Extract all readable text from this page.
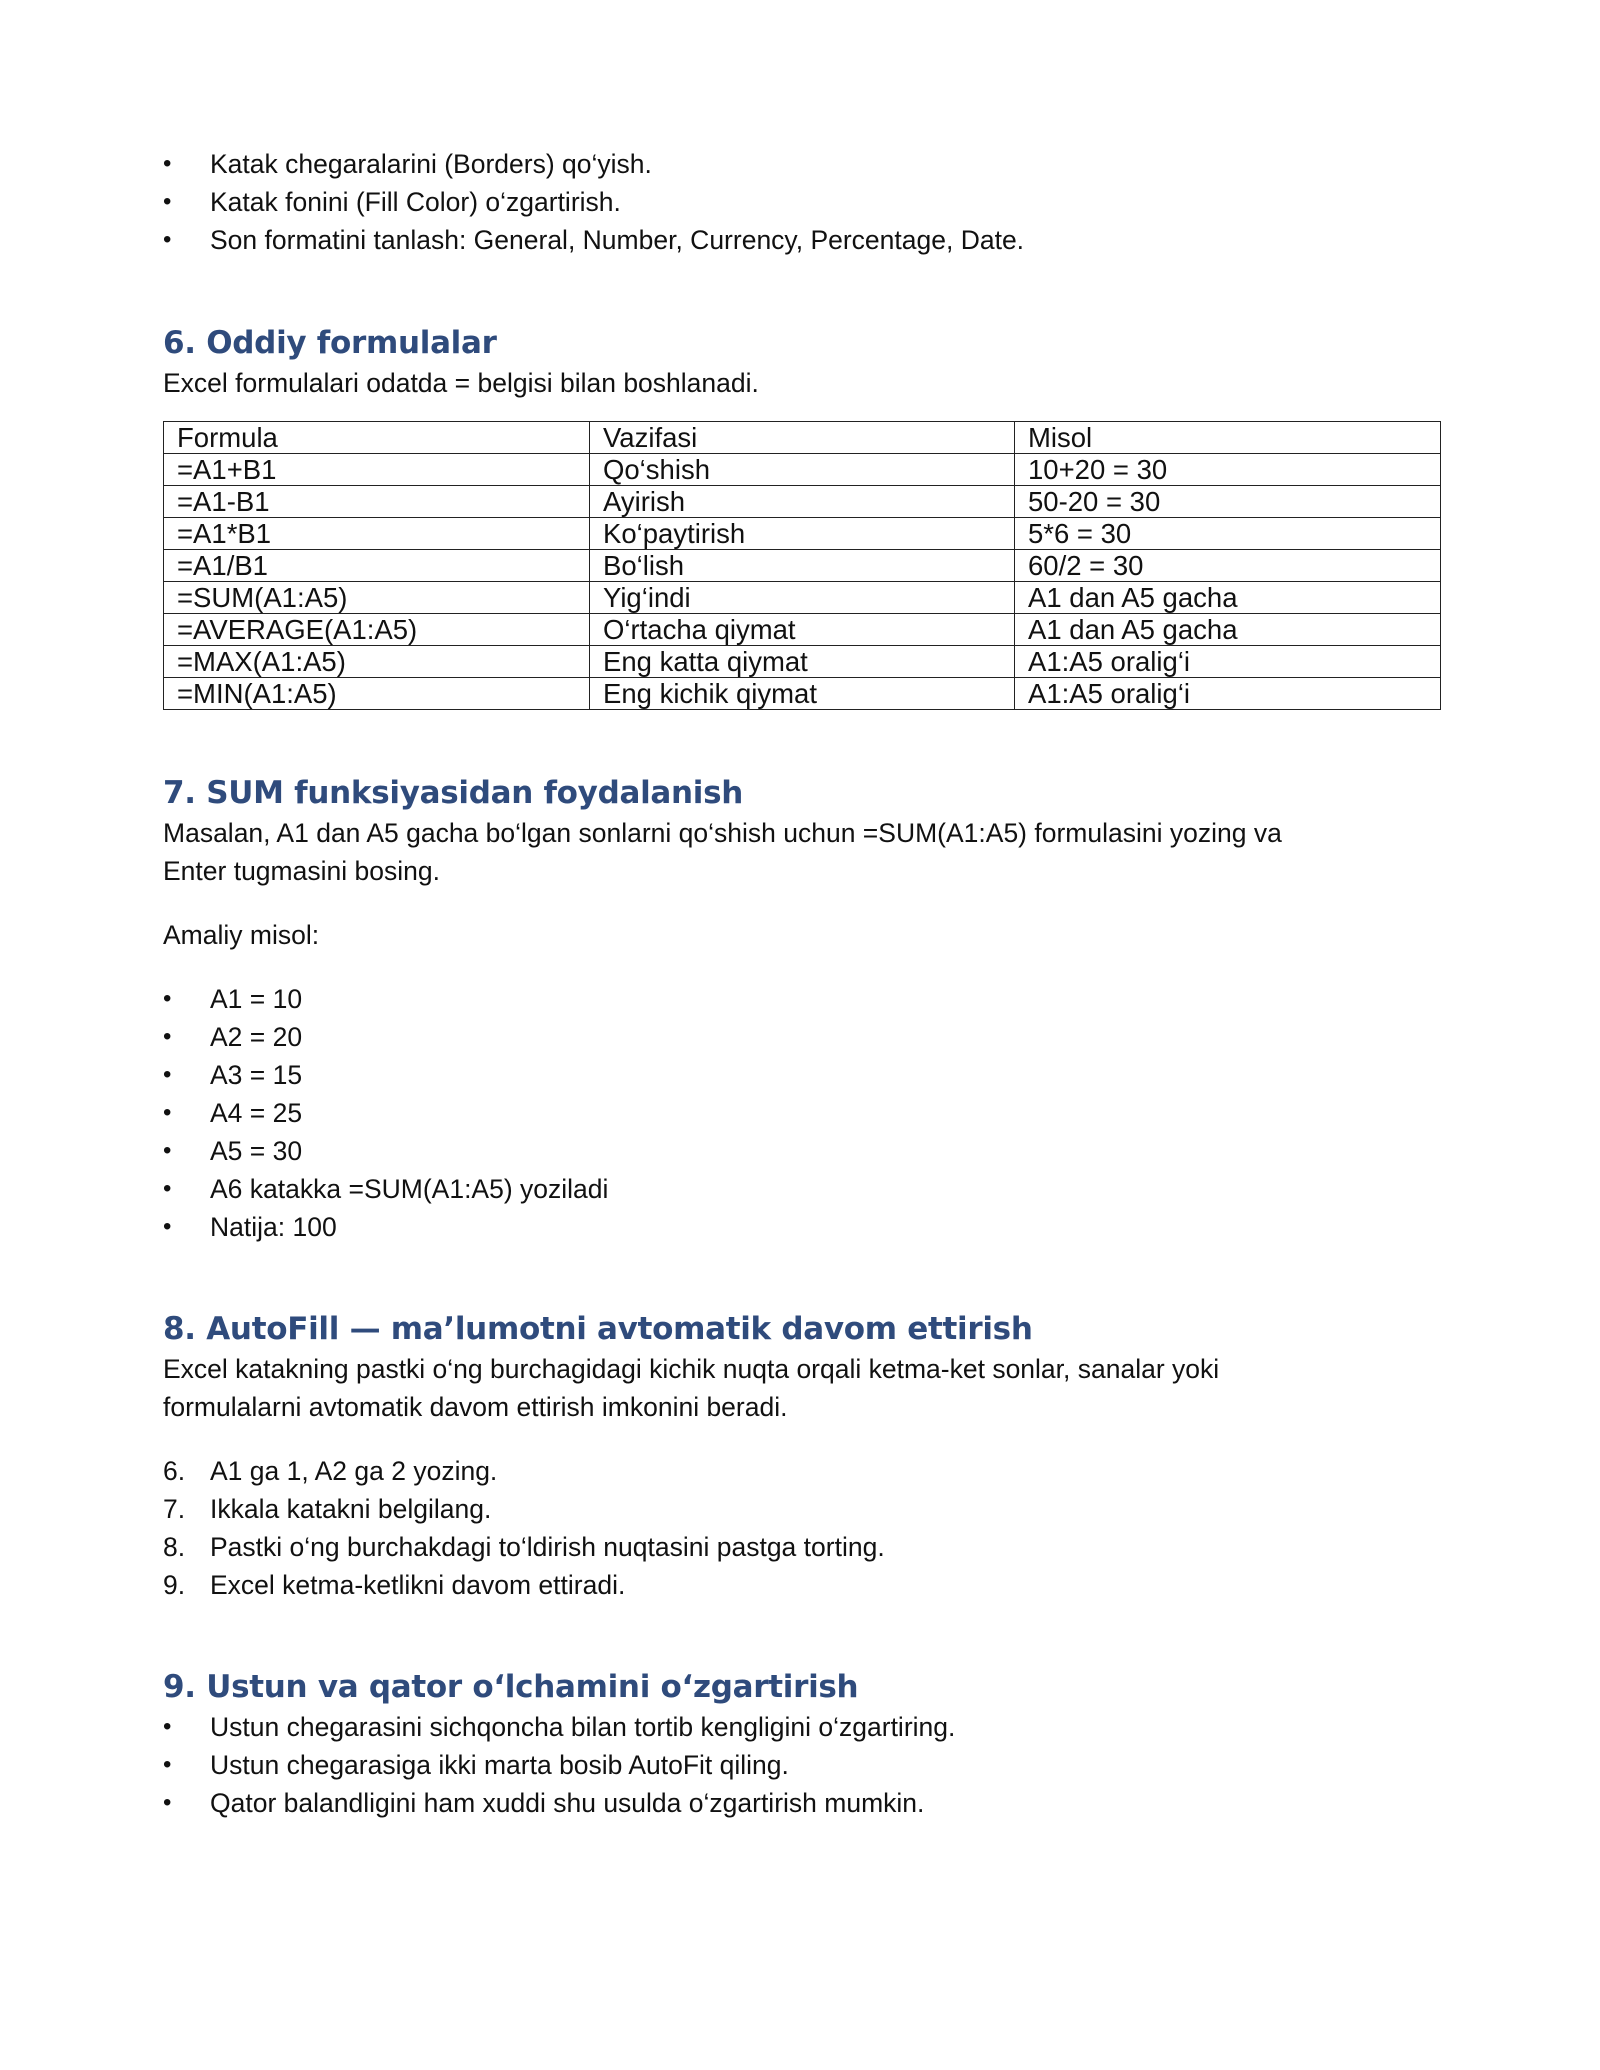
•	Katak chegaralarini (Borders) qo‘yish.
•	Katak fonini (Fill Color) o‘zgartirish.
•	Son formatini tanlash: General, Number, Currency, Percentage, Date.
6. Oddiy formulalar

Excel formulalari odatda = belgisi bilan boshlanadi.

Formula	Vazifasi	Misol
=A1+B1	Qo‘shish	10+20 = 30
=A1-B1	Ayirish	50-20 = 30
=A1*B1	Ko‘paytirish	5*6 = 30
=A1/B1	Bo‘lish	60/2 = 30
=SUM(A1:A5)	Yig‘indi	A1 dan A5 gacha
=AVERAGE(A1:A5)	O‘rtacha qiymat	A1 dan A5 gacha
=MAX(A1:A5)	Eng katta qiymat	A1:A5 oralig‘i
=MIN(A1:A5)	Eng kichik qiymat	A1:A5 oralig‘i
7. SUM funksiyasidan foydalanish

Masalan, A1 dan A5 gacha bo‘lgan sonlarni qo‘shish uchun =SUM(A1:A5) formulasini yozing va

Enter tugmasini bosing.

Amaliy misol:

•	A1 = 10
•	A2 = 20
•	A3 = 15
•	A4 = 25
•	A5 = 30
•	A6 katakka =SUM(A1:A5) yoziladi
•	Natija: 100
8. AutoFill — ma’lumotni avtomatik davom ettirish

Excel katakning pastki o‘ng burchagidagi kichik nuqta orqali ketma-ket sonlar, sanalar yoki

formulalarni avtomatik davom ettirish imkonini beradi.

6. A1 ga 1, A2 ga 2 yozing.
7. Ikkala katakni belgilang.
8. Pastki o‘ng burchakdagi to‘ldirish nuqtasini pastga torting.
9. Excel ketma-ketlikni davom ettiradi.
9. Ustun va qator o‘lchamini o‘zgartirish
•	Ustun chegarasini sichqoncha bilan tortib kengligini o‘zgartiring.
•	Ustun chegarasiga ikki marta bosib AutoFit qiling.
•	Qator balandligini ham xuddi shu usulda o‘zgartirish mumkin.
